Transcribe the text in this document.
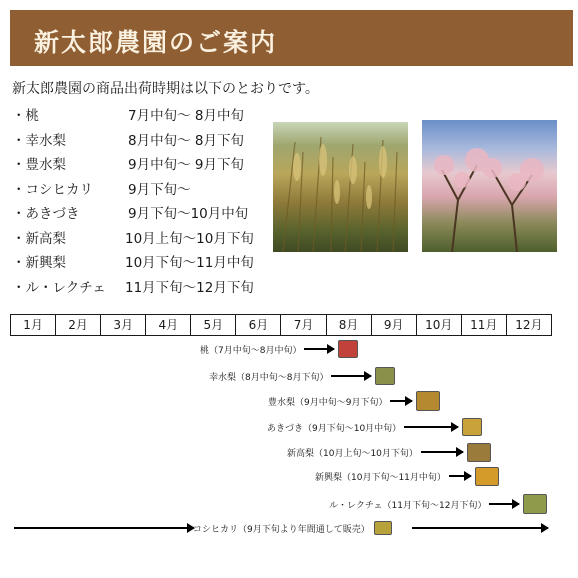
新太郎農園のご案内
新太郎農園の商品出荷時期は以下のとおりです。
・桃	7月中旬～ 8月中旬
・幸水梨	8月中旬～ 8月下旬
・豊水梨	9月中旬～ 9月下旬
・コシヒカリ	9月下旬～
・あきづき	9月下旬～10月中旬
・新高梨	10月上旬～10月下旬
・新興梨	10月下旬～11月中旬
・ル・レクチェ 11月下旬～12月下旬
1月	2月	3月	4月	5月	6月	7月	8月	9月	10月	11月	12月
桃（7月中旬～8月中旬）
幸水梨（8月中旬～8月下旬）
豊水梨（9月中旬～9月下旬）
あきづき（9月下旬～10月中旬）
新高梨（10月上旬～10月下旬）
新興梨（10月下旬～11月中旬）
ル・レクチェ（11月下旬～12月下旬）
コシヒカリ（9月下旬より年間通して販売）
